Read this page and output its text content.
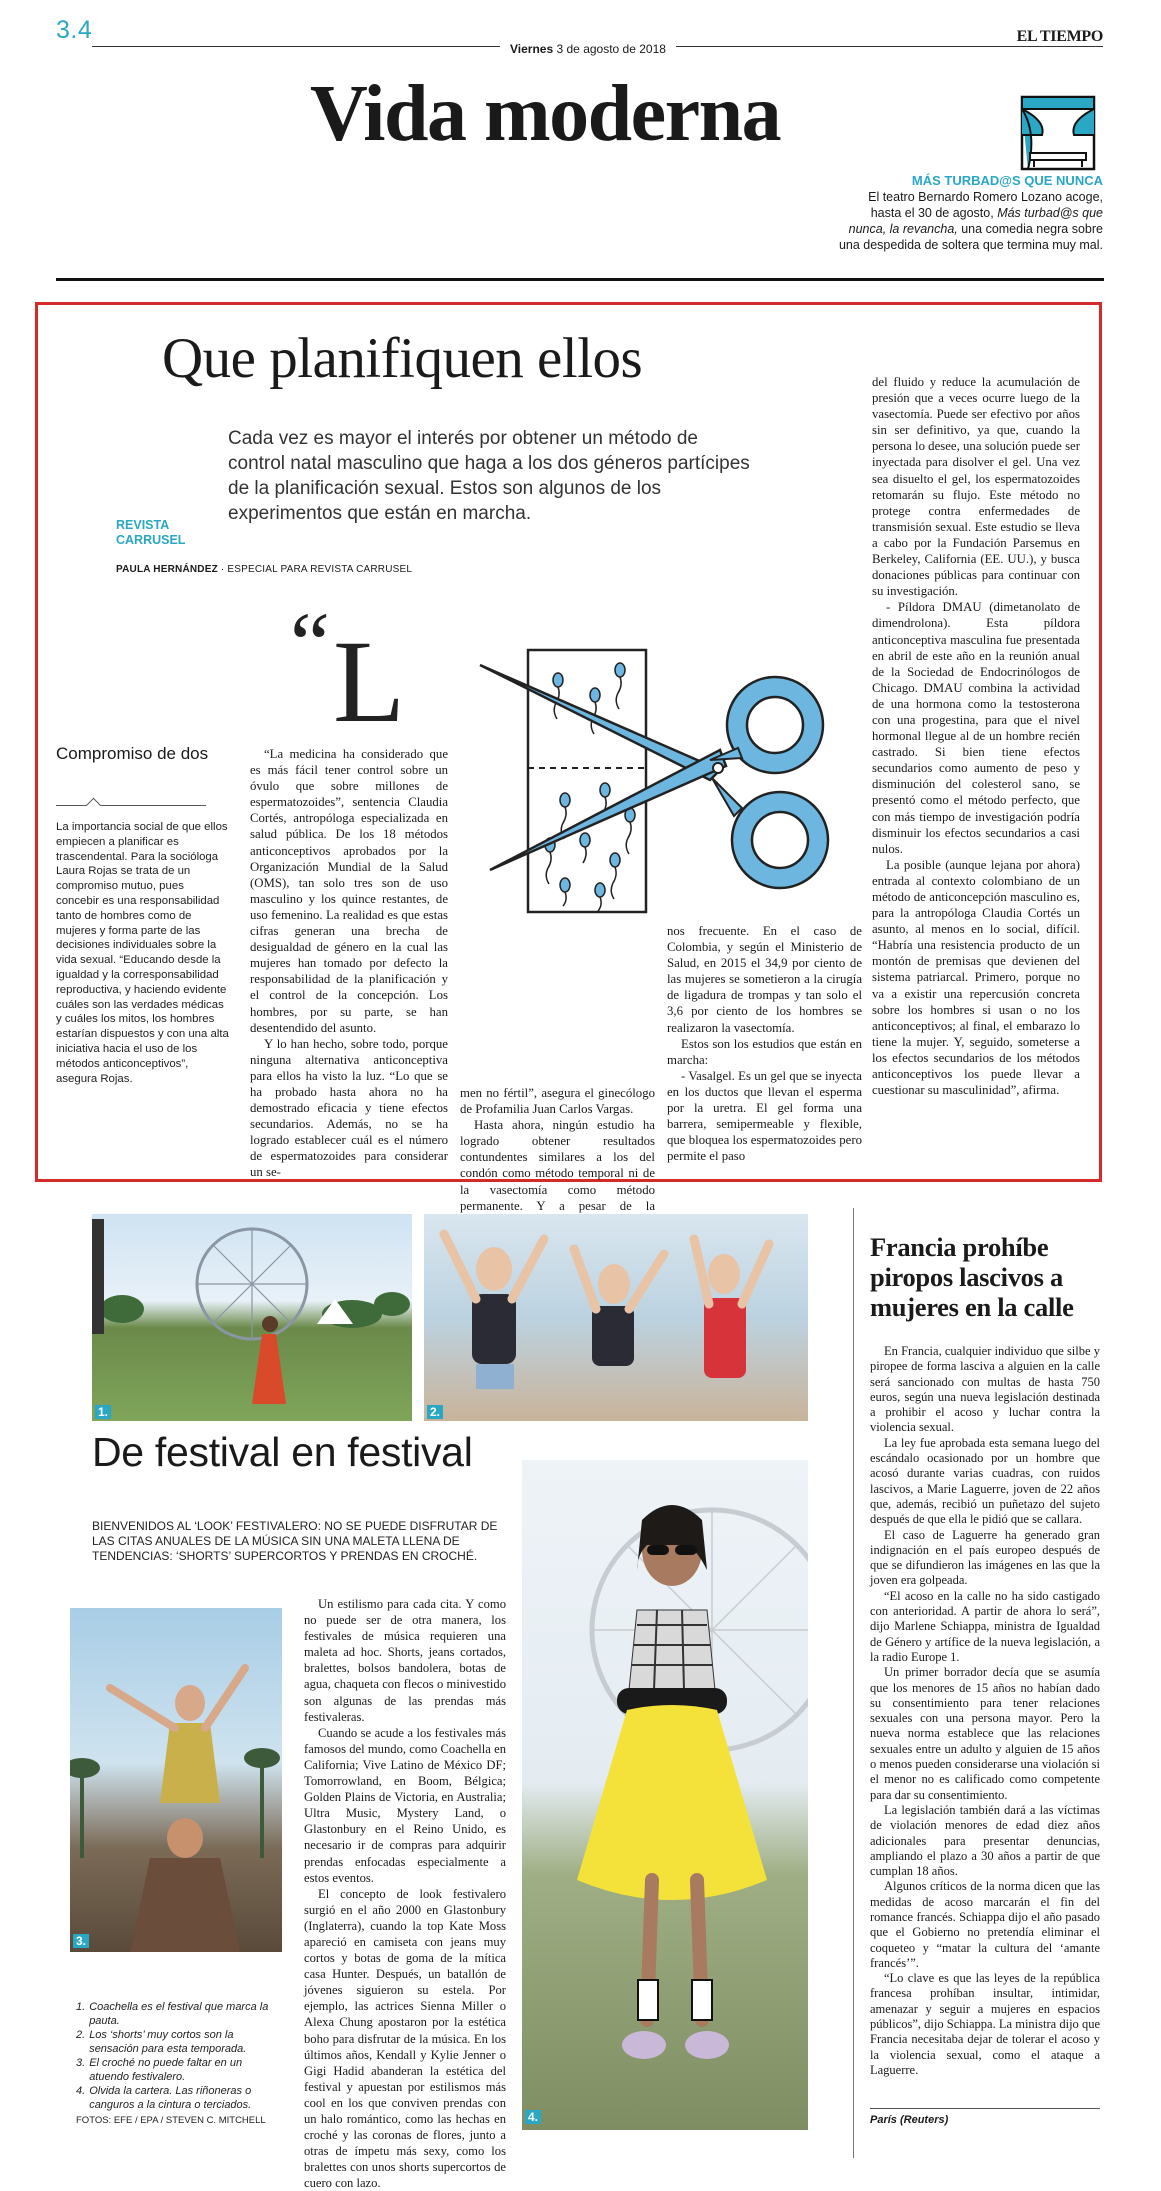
3.4
Viernes 3 de agosto de 2018
EL TIEMPO
Vida moderna
MÁS TURBAD@S QUE NUNCA
El teatro Bernardo Romero Lozano acoge,
hasta el 30 de agosto, Más turbad@s que
nunca, la revancha, una comedia negra sobre
una despedida de soltera que termina muy mal.
Que planifiquen ellos
Cada vez es mayor el interés por obtener un método de control natal masculino que haga a los dos géneros partícipes de la planificación sexual. Estos son algunos de los experimentos que están en marcha.
REVISTA CARRUSEL
PAULA HERNÁNDEZ · ESPECIAL PARA REVISTA CARRUSEL
“ L
Compromiso de dos
La importancia social de que ellos empiecen a planificar es trascendental. Para la socióloga Laura Rojas se trata de un compromiso mutuo, pues concebir es una responsabilidad tanto de hombres como de mujeres y forma parte de las decisiones individuales sobre la vida sexual. “Educando desde la igualdad y la corresponsabilidad reproductiva, y haciendo evidente cuáles son las verdades médicas y cuáles los mitos, los hombres estarían dispuestos y con una alta iniciativa hacia el uso de los métodos anticonceptivos”, asegura Rojas.

“La medicina ha considerado que es más fácil tener control sobre un óvulo que sobre millones de espermatozoides”, sentencia Claudia Cortés, antropóloga especializada en salud pública. De los 18 métodos anticonceptivos aprobados por la Organización Mundial de la Salud (OMS), tan solo tres son de uso masculino y los quince restantes, de uso femenino. La realidad es que estas cifras generan una brecha de desigualdad de género en la cual las mujeres han tomado por defecto la responsabilidad de la planificación y el control de la concepción. Los hombres, por su parte, se han desentendido del asunto.

Y lo han hecho, sobre todo, porque ninguna alternativa anticonceptiva para ellos ha visto la luz. “Lo que se ha probado hasta ahora no ha demostrado eficacia y tiene efectos secundarios. Además, no se ha logrado establecer cuál es el número de espermatozoides para considerar un se-

men no fértil”, asegura el ginecólogo de Profamilia Juan Carlos Vargas.

Hasta ahora, ningún estudio ha logrado obtener resultados contundentes similares a los del condón como método temporal ni de la vasectomía como método permanente. Y a pesar de la

nos frecuente. En el caso de Colombia, y según el Ministerio de Salud, en 2015 el 34,9 por ciento de las mujeres se sometieron a la cirugía de ligadura de trompas y tan solo el 3,6 por ciento de los hombres se realizaron la vasectomía.

Estos son los estudios que están en marcha:

- Vasalgel. Es un gel que se inyecta en los ductos que llevan el esperma por la uretra. El gel forma una barrera, semipermeable y flexible, que bloquea los espermatozoides pero permite el paso

del fluido y reduce la acumulación de presión que a veces ocurre luego de la vasectomía. Puede ser efectivo por años sin ser definitivo, ya que, cuando la persona lo desee, una solución puede ser inyectada para disolver el gel. Una vez sea disuelto el gel, los espermatozoides retomarán su flujo. Este método no protege contra enfermedades de transmisión sexual. Este estudio se lleva a cabo por la Fundación Parsemus en Berkeley, California (EE. UU.), y busca donaciones públicas para continuar con su investigación.

- Píldora DMAU (dimetanolato de dimendrolona). Esta píldora anticonceptiva masculina fue presentada en abril de este año en la reunión anual de la Sociedad de Endocrinólogos de Chicago. DMAU combina la actividad de una hormona como la testosterona con una progestina, para que el nivel hormonal llegue al de un hombre recién castrado. Si bien tiene efectos secundarios como aumento de peso y disminución del colesterol sano, se presentó como el método perfecto, que con más tiempo de investigación podría disminuir los efectos secundarios a casi nulos.

La posible (aunque lejana por ahora) entrada al contexto colombiano de un método de anticoncepción masculino es, para la antropóloga Claudia Cortés un asunto, al menos en lo social, difícil. “Habría una resistencia producto de un montón de premisas que devienen del sistema patriarcal. Primero, porque no va a existir una repercusión concreta sobre los hombres si usan o no los anticonceptivos; al final, el embarazo lo tiene la mujer. Y, seguido, someterse a los efectos secundarios de los métodos anticonceptivos los puede llevar a cuestionar su masculinidad”, afirma.

1.	2.
De festival en festival
BIENVENIDOS AL ‘LOOK’ FESTIVALERO: NO SE PUEDE DISFRUTAR DE LAS CITAS ANUALES DE LA MÚSICA SIN UNA MALETA LLENA DE TENDENCIAS: ‘SHORTS’ SUPERCORTOS Y PRENDAS EN CROCHÉ.
3.

Un estilismo para cada cita. Y como no puede ser de otra manera, los festivales de música requieren una maleta ad hoc. Shorts, jeans cortados, bralettes, bolsos bandolera, botas de agua, chaqueta con flecos o minivestido son algunas de las prendas más festivaleras.

Cuando se acude a los festivales más famosos del mundo, como Coachella en California; Vive Latino de México DF; Tomorrowland, en Boom, Bélgica; Golden Plains de Victoria, en Australia; Ultra Music, Mystery Land, o Glastonbury en el Reino Unido, es necesario ir de compras para adquirir prendas enfocadas especialmente a estos eventos.

El concepto de look festivalero surgió en el año 2000 en Glastonbury (Inglaterra), cuando la top Kate Moss apareció en camiseta con jeans muy cortos y botas de goma de la mítica casa Hunter. Después, un batallón de jóvenes siguieron su estela. Por ejemplo, las actrices Sienna Miller o Alexa Chung apostaron por la estética boho para disfrutar de la música. En los últimos años, Kendall y Kylie Jenner o Gigi Hadid abanderan la estética del festival y apuestan por estilismos más cool en los que conviven prendas con un halo romántico, como las hechas en croché y las coronas de flores, junto a otras de ímpetu más sexy, como los bralettes con unos shorts supercortos de cuero con lazo.

4.
1. Coachella es el festival que marca la pauta.
2. Los ‘shorts’ muy cortos son la sensación para esta temporada.
3. El croché no puede faltar en un atuendo festivalero.
4. Olvida la cartera. Las riñoneras o canguros a la cintura o terciados.
FOTOS: EFE / EPA / STEVEN C. MITCHELL
Francia prohíbe piropos lascivos a mujeres en la calle

En Francia, cualquier individuo que silbe y piropee de forma lasciva a alguien en la calle será sancionado con multas de hasta 750 euros, según una nueva legislación destinada a prohibir el acoso y luchar contra la violencia sexual.

La ley fue aprobada esta semana luego del escándalo ocasionado por un hombre que acosó durante varias cuadras, con ruidos lascivos, a Marie Laguerre, joven de 22 años que, además, recibió un puñetazo del sujeto después de que ella le pidió que se callara.

El caso de Laguerre ha generado gran indignación en el país europeo después de que se difundieron las imágenes en las que la joven era golpeada.

“El acoso en la calle no ha sido castigado con anterioridad. A partir de ahora lo será”, dijo Marlene Schiappa, ministra de Igualdad de Género y artífice de la nueva legislación, a la radio Europe 1.

Un primer borrador decía que se asumía que los menores de 15 años no habían dado su consentimiento para tener relaciones sexuales con una persona mayor. Pero la nueva norma establece que las relaciones sexuales entre un adulto y alguien de 15 años o menos pueden considerarse una violación si el menor no es calificado como competente para dar su consentimiento.

La legislación también dará a las víctimas de violación menores de edad diez años adicionales para presentar denuncias, ampliando el plazo a 30 años a partir de que cumplan 18 años.

Algunos críticos de la norma dicen que las medidas de acoso marcarán el fin del romance francés. Schiappa dijo el año pasado que el Gobierno no pretendía eliminar el coqueteo y “matar la cultura del ‘amante francés’”.

“Lo clave es que las leyes de la república francesa prohíban insultar, intimidar, amenazar y seguir a mujeres en espacios públicos”, dijo Schiappa. La ministra dijo que Francia necesitaba dejar de tolerar el acoso y la violencia sexual, como el ataque a Laguerre.

París (Reuters)
